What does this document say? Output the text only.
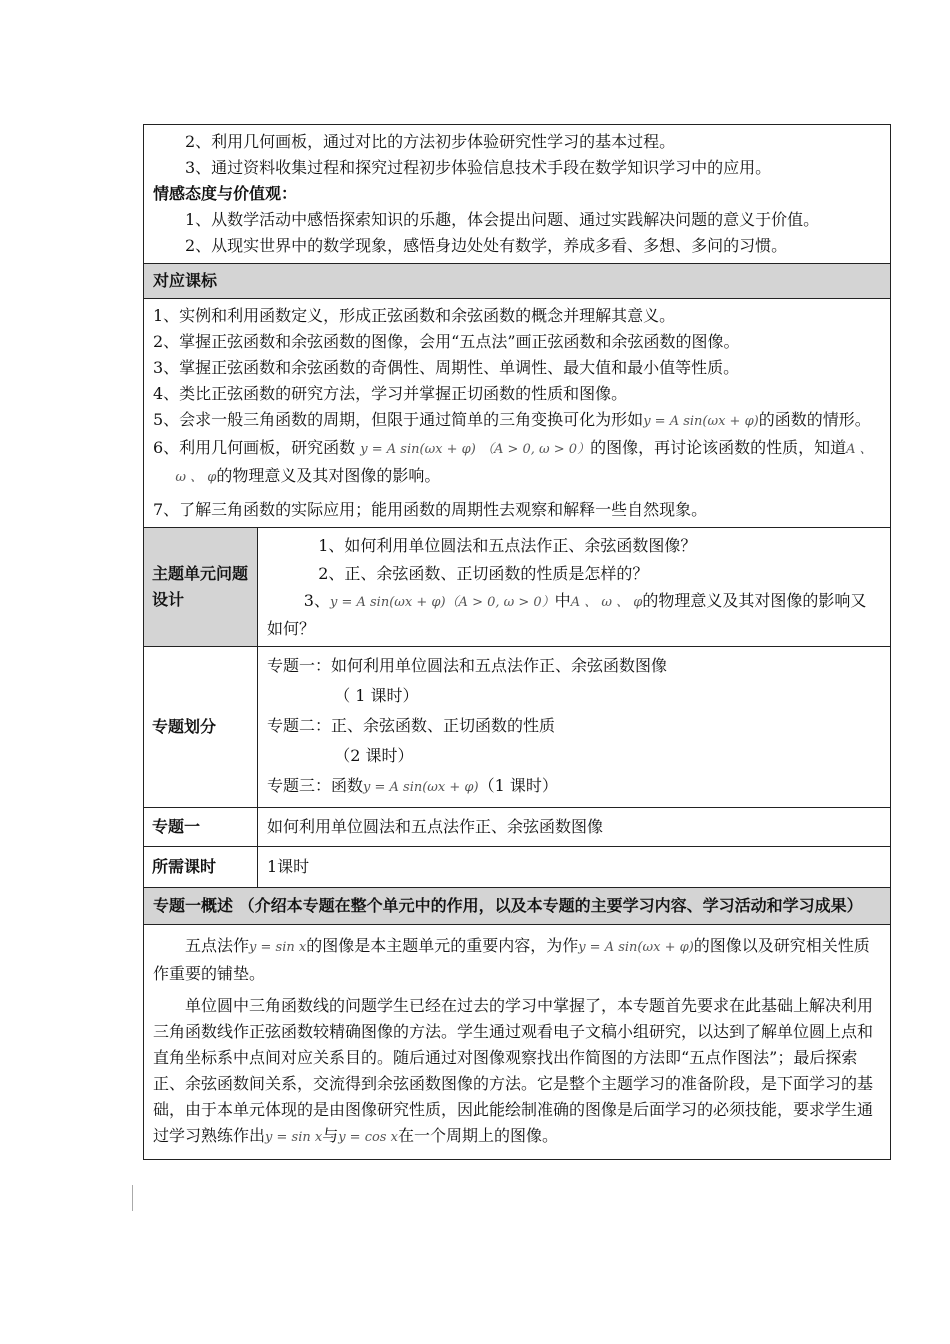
2、利用几何画板，通过对比的方法初步体验研究性学习的基本过程。

3、通过资料收集过程和探究过程初步体验信息技术手段在数学知识学习中的应用。

情感态度与价值观：

1、从数学活动中感悟探索知识的乐趣，体会提出问题、通过实践解决问题的意义于价值。

2、从现实世界中的数学现象，感悟身边处处有数学，养成多看、多想、多问的习惯。

对应课标

1、实例和利用函数定义，形成正弦函数和余弦函数的概念并理解其意义。

2、掌握正弦函数和余弦函数的图像，会用“五点法”画正弦函数和余弦函数的图像。

3、掌握正弦函数和余弦函数的奇偶性、周期性、单调性、最大值和最小值等性质。

4、类比正弦函数的研究方法，学习并掌握正切函数的性质和图像。

5、会求一般三角函数的周期，但限于通过简单的三角变换可化为形如y = A sin(ωx + φ)的函数的情形。

6、利用几何画板，研究函数 y = A sin(ωx + φ) （A > 0, ω > 0）的图像，再讨论该函数的性质，知道A 、 ω 、 φ的物理意义及其对图像的影响。

7、了解三角函数的实际应用；能用函数的周期性去观察和解释一些自然现象。

主题单元问题设计

1、如何利用单位圆法和五点法作正、余弦函数图像？

2、正、余弦函数、正切函数的性质是怎样的？

3、y = A sin(ωx + φ)（A > 0, ω > 0）中A 、 ω 、 φ的物理意义及其对图像的影响又如何？

专题划分

专题一：如何利用单位圆法和五点法作正、余弦函数图像

（ 1 课时）

专题二：正、余弦函数、正切函数的性质

（2 课时）

专题三：函数y = A sin(ωx + φ)（1 课时）

专题一	如何利用单位圆法和五点法作正、余弦函数图像
所需课时	1课时
专题一概述 （介绍本专题在整个单元中的作用，以及本专题的主要学习内容、学习活动和学习成果）

五点法作y = sin x的图像是本主题单元的重要内容，为作y = A sin(ωx + φ)的图像以及研究相关性质作重要的铺垫。

单位圆中三角函数线的问题学生已经在过去的学习中掌握了，本专题首先要求在此基础上解决利用三角函数线作正弦函数较精确图像的方法。学生通过观看电子文稿小组研究，以达到了解单位圆上点和直角坐标系中点间对应关系目的。随后通过对图像观察找出作简图的方法即“五点作图法”；最后探索正、余弦函数间关系，交流得到余弦函数图像的方法。它是整个主题学习的准备阶段，是下面学习的基础，由于本单元体现的是由图像研究性质，因此能绘制准确的图像是后面学习的必须技能，要求学生通过学习熟练作出y = sin x与y = cos x在一个周期上的图像。
